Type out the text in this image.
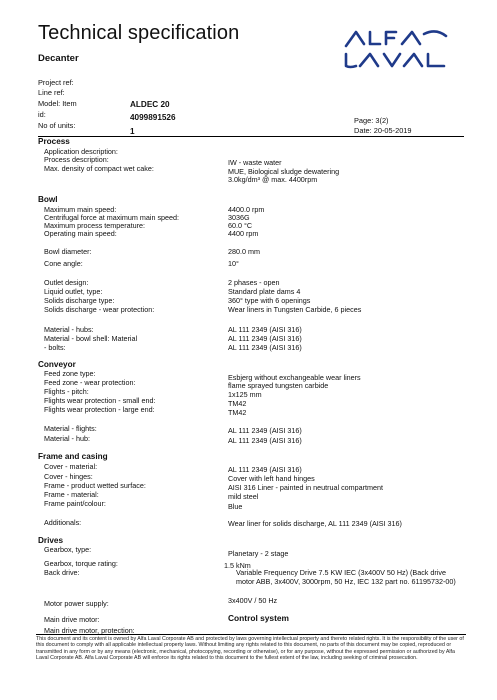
Technical specification
Decanter
Project ref:
Line ref:
Model: Item	ALDEC 20
id:	4099891526
No of units:
1
Page: 3(2)
Date: 20-05-2019
Process
Application description:
Process description:	IW - waste water
Max. density of compact wet cake:	MUE, Biological sludge dewatering
3.0kg/dm³ @ max. 4400rpm
Bowl
Maximum main speed:	4400.0 rpm
Centrifugal force at maximum main speed:	3036G
Maximum process temperature:	60.0 °C
Operating main speed:	4400 rpm
Bowl diameter:	280.0 mm
Cone angle:	10°
Outlet design:	2 phases - open
Liquid outlet, type:	Standard plate dams 4
Solids discharge type:	360° type with 6 openings
Solids discharge - wear protection:	Wear liners in Tungsten Carbide, 6 pieces
Material - hubs:	AL 111 2349 (AISI 316)
Material - bowl shell: Material	AL 111 2349 (AISI 316)
- bolts:	AL 111 2349 (AISI 316)
Conveyor
Feed zone type:	Esbjerg without exchangeable wear liners
Feed zone - wear protection:	flame sprayed tungsten carbide
Flights - pitch:	1x125 mm
Flights wear protection - small end:	TM42
Flights wear protection - large end:	TM42
Material - flights:	AL 111 2349 (AISI 316)
Material - hub:	AL 111 2349 (AISI 316)
Frame and casing
Cover - material:	AL 111 2349 (AISI 316)
Cover - hinges:	Cover with left hand hinges
Frame - product wetted surface:	AISI 316 Liner - painted in neutrual compartment
Frame - material:	mild steel
Frame paint/colour:	Blue
Additionals:	Wear liner for solids discharge, AL 111 2349 (AISI 316)
Drives
Gearbox, type:	Planetary - 2 stage
Gearbox, torque rating:	1.5 kNm
Back drive:	Variable Frequency Drive 7.5 KW IEC (3x400V 50 Hz) (Back drive motor ABB, 3x400V, 3000rpm, 50 Hz, IEC 132 part no. 61195732-00)
Motor power supply:	3x400V / 50 Hz
Main drive motor:
Main drive motor, protection:
Control system
This document and its content is owned by Alfa Laval Corporate AB and protected by laws governing intellectual property and thereto related rights. It is the responsibility of the user of this document to comply with all applicable intellectual property laws. Without limiting any rights related to this document, no parts of this document may be copied, reproduced or transmitted in any form or by any means (electronic, mechanical, photocopying, recording or otherwise), or for any purpose, without the expressed permission or authorized by Alfa Laval Corporate AB. Alfa Laval Corporate AB will enforce its rights related to this document to the fullest extent of the law, including seeking of criminal prosecution.
